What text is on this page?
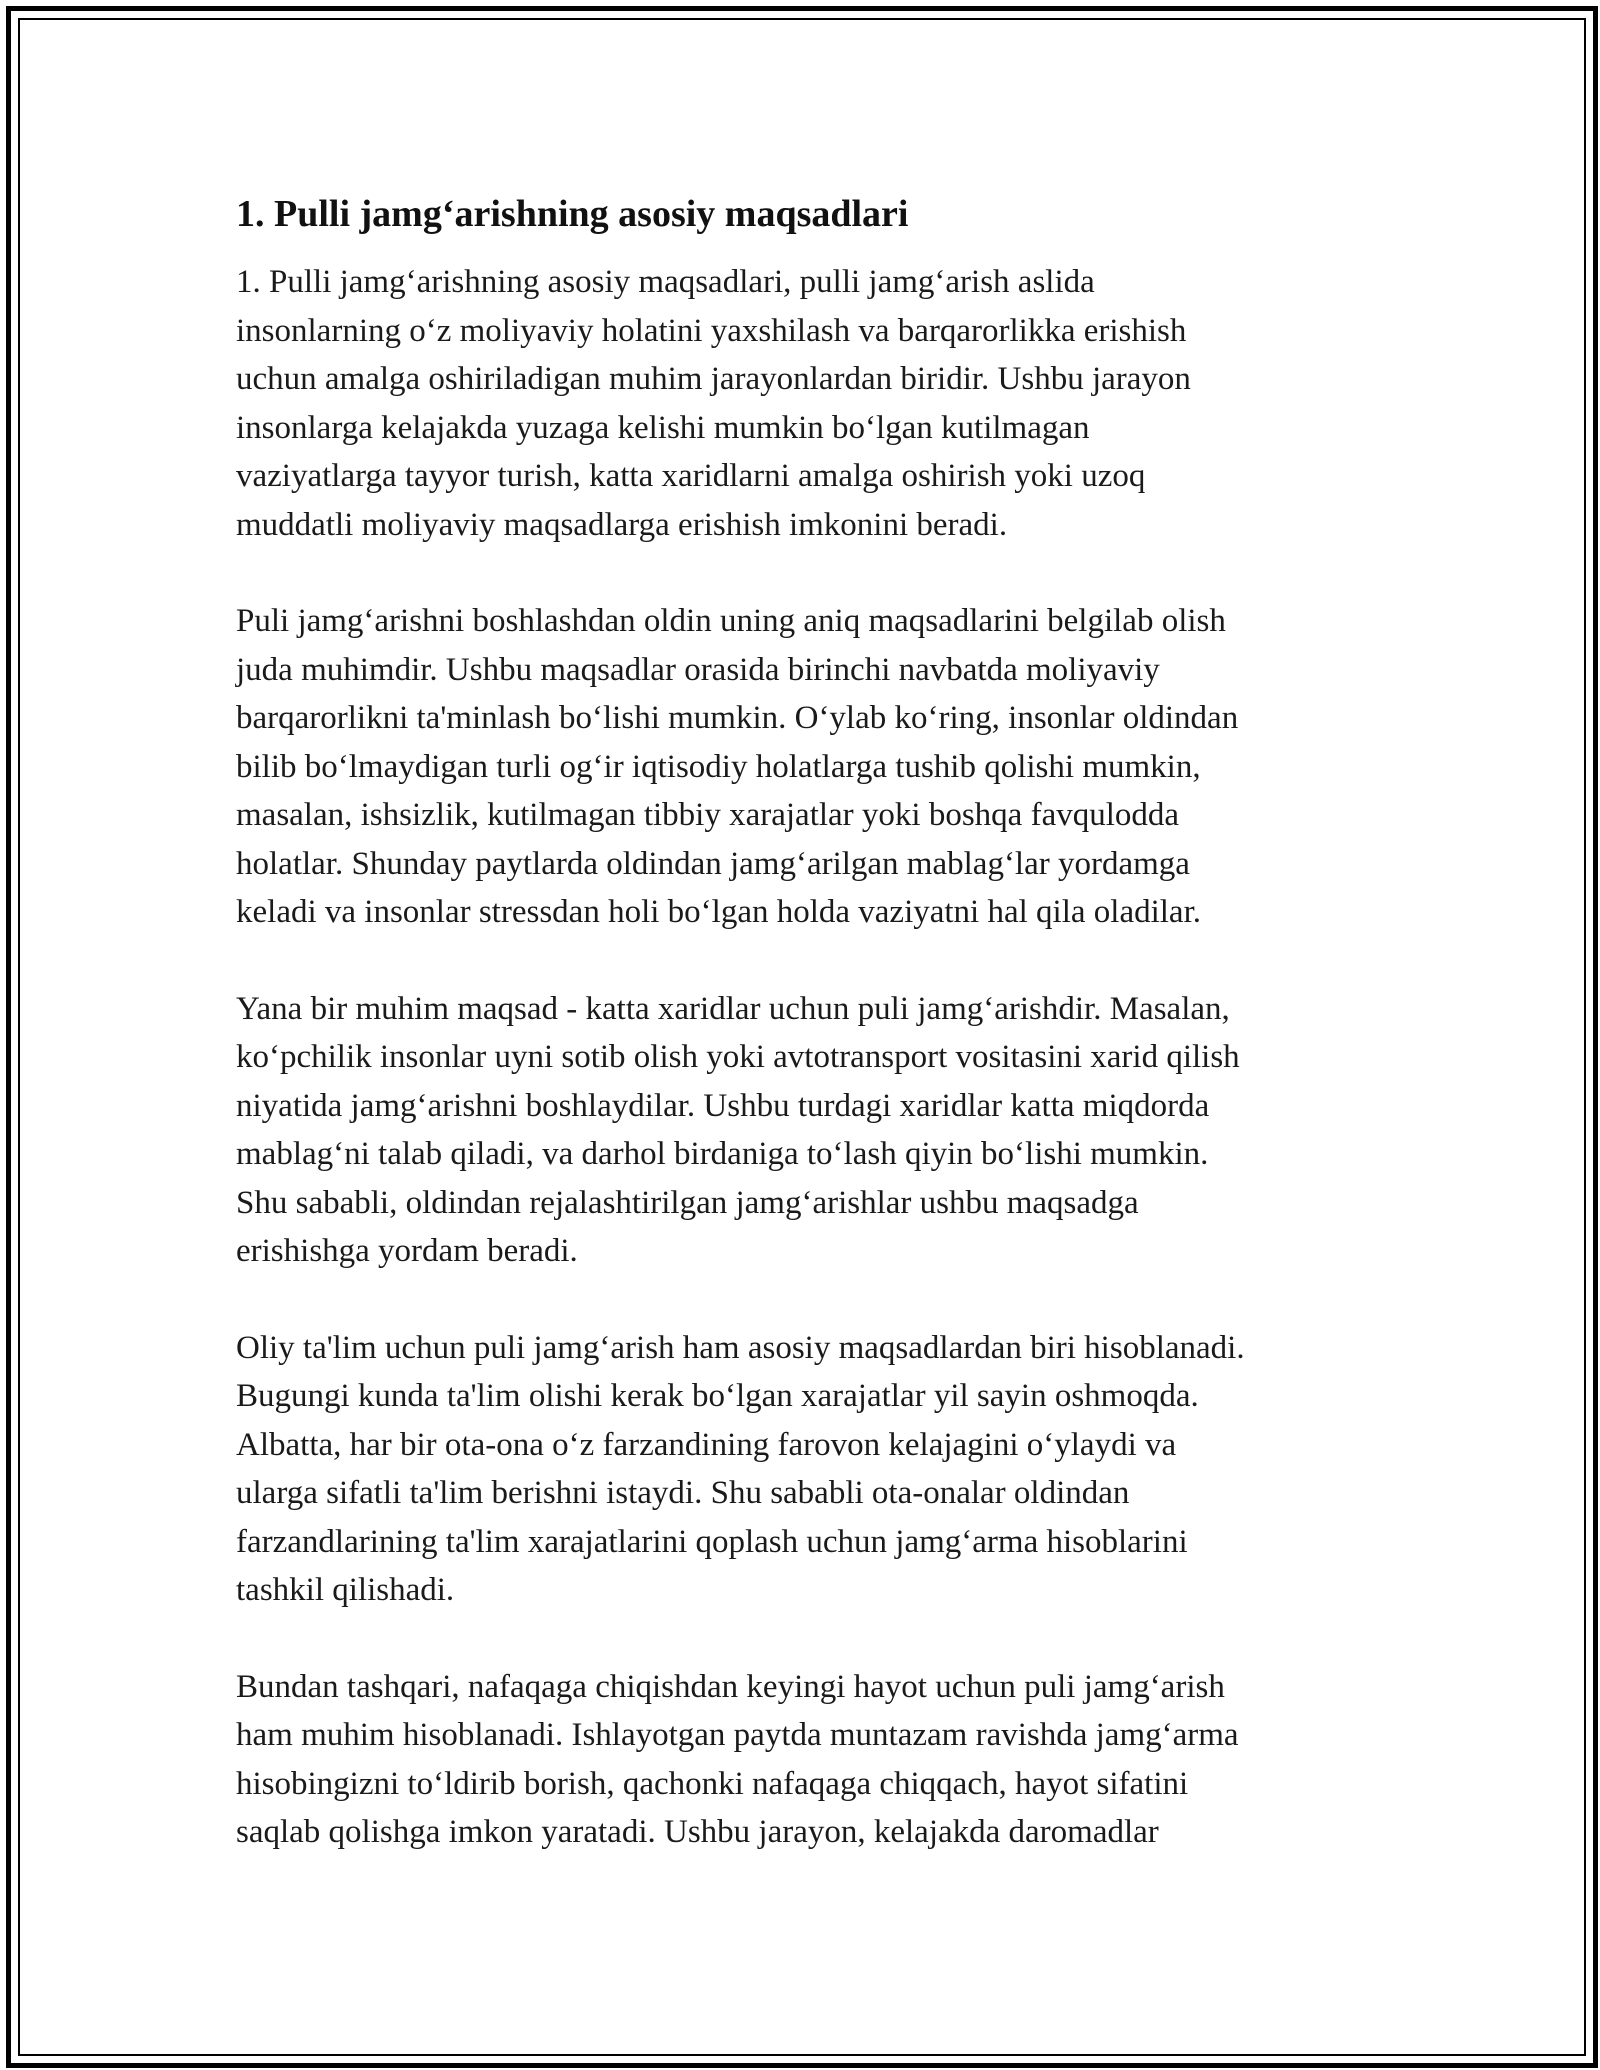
1. Pulli jamg‘arishning asosiy maqsadlari

1. Pulli jamg‘arishning asosiy maqsadlari, pulli jamg‘arish aslida
insonlarning o‘z moliyaviy holatini yaxshilash va barqarorlikka erishish
uchun amalga oshiriladigan muhim jarayonlardan biridir. Ushbu jarayon
insonlarga kelajakda yuzaga kelishi mumkin bo‘lgan kutilmagan
vaziyatlarga tayyor turish, katta xaridlarni amalga oshirish yoki uzoq
muddatli moliyaviy maqsadlarga erishish imkonini beradi.

Puli jamg‘arishni boshlashdan oldin uning aniq maqsadlarini belgilab olish
juda muhimdir. Ushbu maqsadlar orasida birinchi navbatda moliyaviy
barqarorlikni ta'minlash bo‘lishi mumkin. O‘ylab ko‘ring, insonlar oldindan
bilib bo‘lmaydigan turli og‘ir iqtisodiy holatlarga tushib qolishi mumkin,
masalan, ishsizlik, kutilmagan tibbiy xarajatlar yoki boshqa favqulodda
holatlar. Shunday paytlarda oldindan jamg‘arilgan mablag‘lar yordamga
keladi va insonlar stressdan holi bo‘lgan holda vaziyatni hal qila oladilar.

Yana bir muhim maqsad - katta xaridlar uchun puli jamg‘arishdir. Masalan,
ko‘pchilik insonlar uyni sotib olish yoki avtotransport vositasini xarid qilish
niyatida jamg‘arishni boshlaydilar. Ushbu turdagi xaridlar katta miqdorda
mablag‘ni talab qiladi, va darhol birdaniga to‘lash qiyin bo‘lishi mumkin.
Shu sababli, oldindan rejalashtirilgan jamg‘arishlar ushbu maqsadga
erishishga yordam beradi.

Oliy ta'lim uchun puli jamg‘arish ham asosiy maqsadlardan biri hisoblanadi.
Bugungi kunda ta'lim olishi kerak bo‘lgan xarajatlar yil sayin oshmoqda.
Albatta, har bir ota-ona o‘z farzandining farovon kelajagini o‘ylaydi va
ularga sifatli ta'lim berishni istaydi. Shu sababli ota-onalar oldindan
farzandlarining ta'lim xarajatlarini qoplash uchun jamg‘arma hisoblarini
tashkil qilishadi.

Bundan tashqari, nafaqaga chiqishdan keyingi hayot uchun puli jamg‘arish
ham muhim hisoblanadi. Ishlayotgan paytda muntazam ravishda jamg‘arma
hisobingizni to‘ldirib borish, qachonki nafaqaga chiqqach, hayot sifatini
saqlab qolishga imkon yaratadi. Ushbu jarayon, kelajakda daromadlar
